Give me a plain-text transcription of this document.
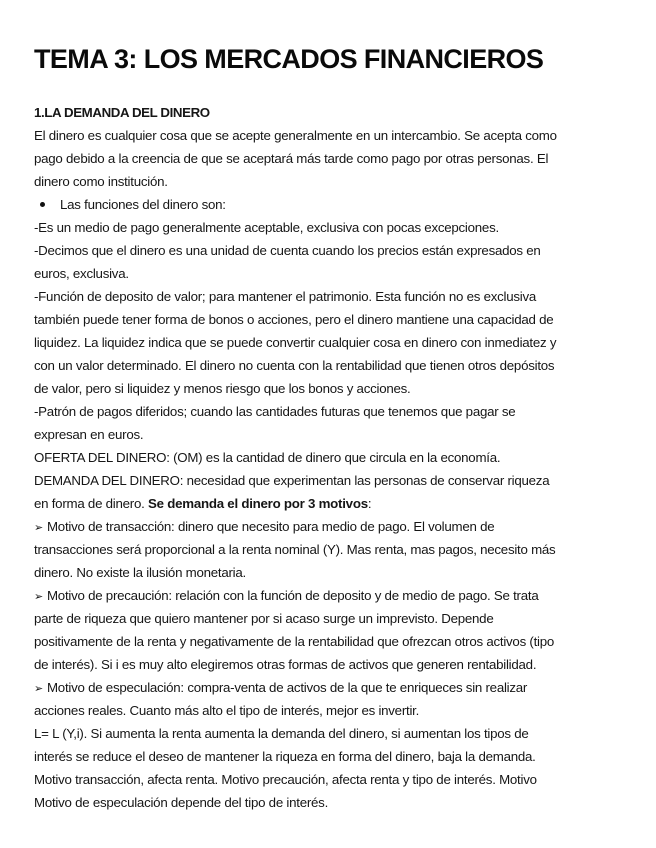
TEMA 3: LOS MERCADOS FINANCIEROS
1.LA DEMANDA DEL DINERO
El dinero es cualquier cosa que se acepte generalmente en un intercambio. Se acepta como
pago debido a la creencia de que se aceptará más tarde como pago por otras personas. El
dinero como institución.
Las funciones del dinero son:
-Es un medio de pago generalmente aceptable, exclusiva con pocas excepciones.
-Decimos que el dinero es una unidad de cuenta cuando los precios están expresados en
euros, exclusiva.
-Función de deposito de valor; para mantener el patrimonio. Esta función no es exclusiva
también puede tener forma de bonos o acciones, pero el dinero mantiene una capacidad de
liquidez. La liquidez indica que se puede convertir cualquier cosa en dinero con inmediatez y
con un valor determinado. El dinero no cuenta con la rentabilidad que tienen otros depósitos
de valor, pero si liquidez y menos riesgo que los bonos y acciones.
-Patrón de pagos diferidos; cuando las cantidades futuras que tenemos que pagar se
expresan en euros.
OFERTA DEL DINERO: (OM) es la cantidad de dinero que circula en la economía.
DEMANDA DEL DINERO: necesidad que experimentan las personas de conservar riqueza
en forma de dinero. Se demanda el dinero por 3 motivos:
➢ Motivo de transacción: dinero que necesito para medio de pago. El volumen de
transacciones será proporcional a la renta nominal (Y). Mas renta, mas pagos, necesito más
dinero. No existe la ilusión monetaria.
➢ Motivo de precaución: relación con la función de deposito y de medio de pago. Se trata
parte de riqueza que quiero mantener por si acaso surge un imprevisto. Depende
positivamente de la renta y negativamente de la rentabilidad que ofrezcan otros activos (tipo
de interés). Si i es muy alto elegiremos otras formas de activos que generen rentabilidad.
➢ Motivo de especulación: compra-venta de activos de la que te enriqueces sin realizar
acciones reales. Cuanto más alto el tipo de interés, mejor es invertir.
L= L (Y,i). Si aumenta la renta aumenta la demanda del dinero, si aumentan los tipos de
interés se reduce el deseo de mantener la riqueza en forma del dinero, baja la demanda.
Motivo transacción, afecta renta. Motivo precaución, afecta renta y tipo de interés. Motivo
Motivo de especulación depende del tipo de interés.
